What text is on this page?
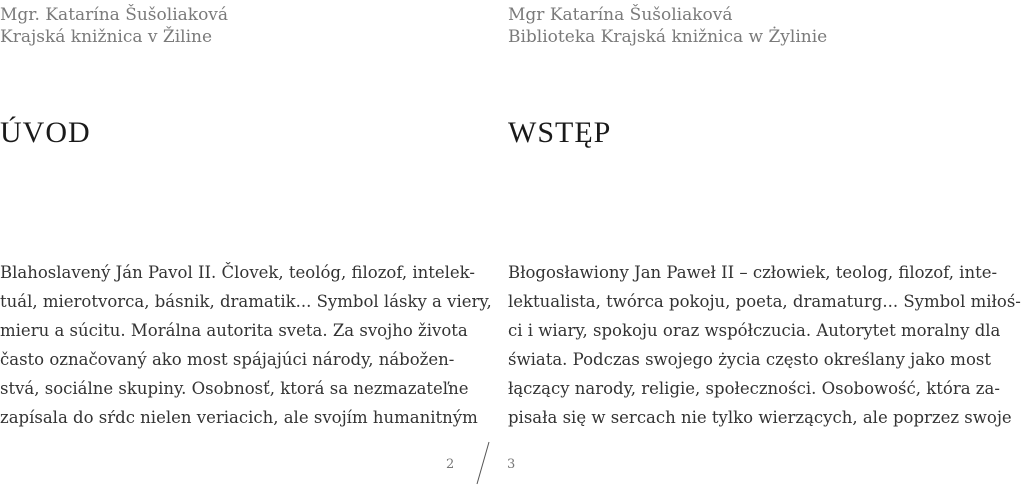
Mgr. Katarína Šušoliaková
Krajská knižnica v Žiline
ÚVOD
Blahoslavený Ján Pavol II. Človek, teológ, filozof, intelek-
tuál, mierotvorca, básnik, dramatik... Symbol lásky a viery,
mieru a súcitu. Morálna autorita sveta. Za svojho života
často označovaný ako most spájajúci národy, nábožen-
stvá, sociálne skupiny. Osobnosť, ktorá sa nezmazateľne
zapísala do sŕdc nielen veriacich, ale svojím humanitným
Mgr Katarína Šušoliaková
Biblioteka Krajská knižnica w Żylinie
WSTĘP
Błogosławiony Jan Paweł II – człowiek, teolog, filozof, inte-
lektualista, twórca pokoju, poeta, dramaturg... Symbol miłoś-
ci i wiary, spokoju oraz współczucia. Autorytet moralny dla
świata. Podczas swojego życia często określany jako most
łączący narody, religie, społeczności. Osobowość, która za-
pisała się w sercach nie tylko wierzących, ale poprzez swoje
2	3
